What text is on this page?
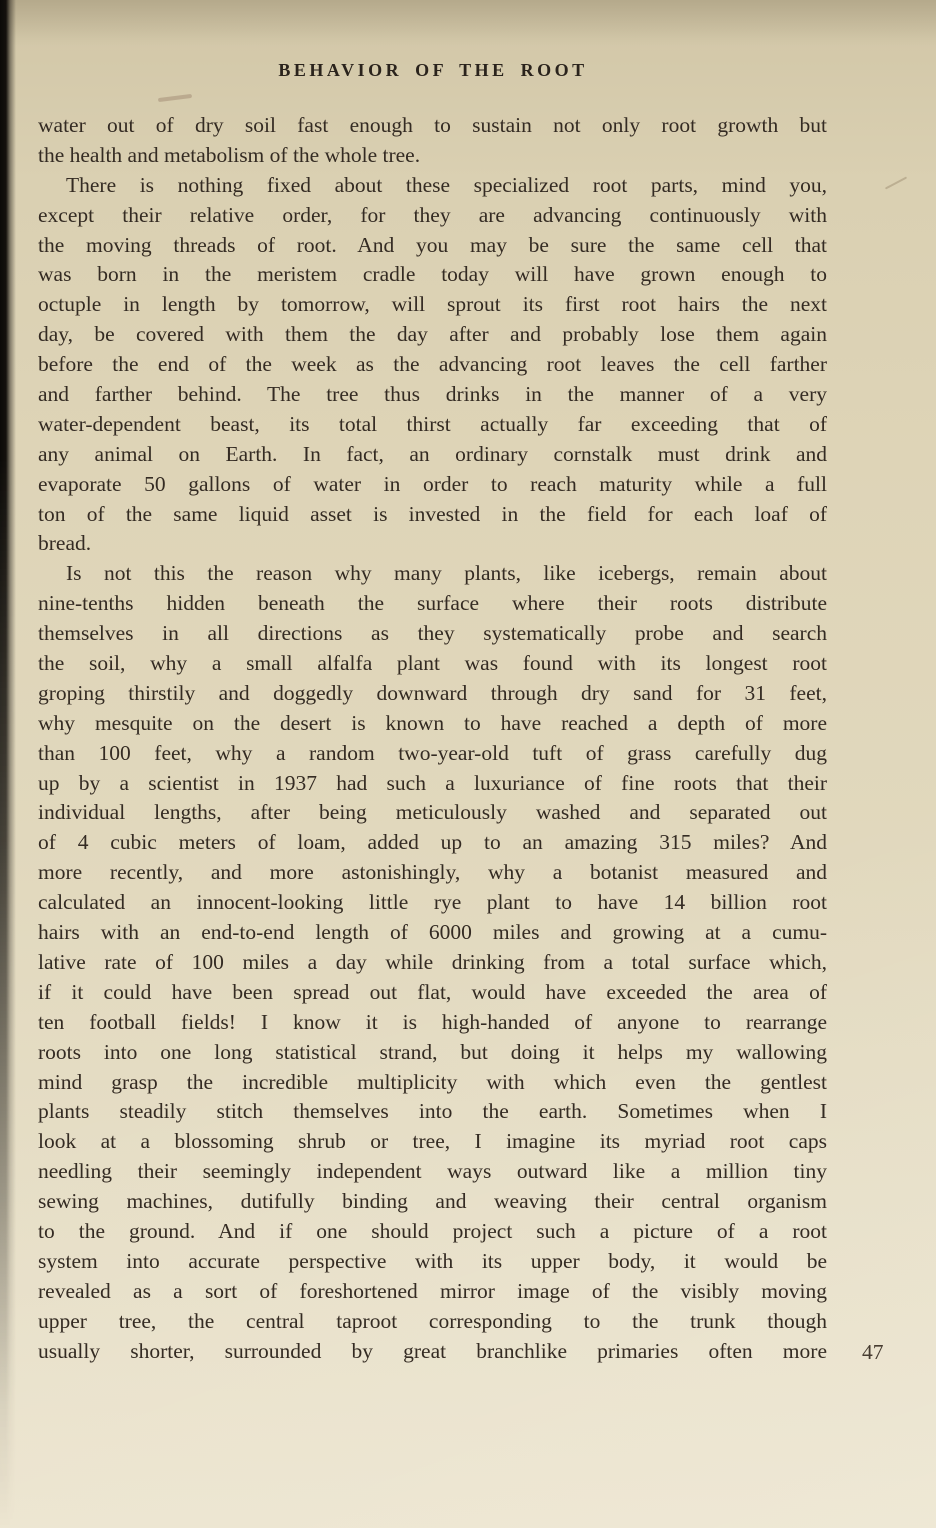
BEHAVIOR OF THE ROOT
water out of dry soil fast enough to sustain not only root growth but
the health and metabolism of the whole tree.
There is nothing fixed about these specialized root parts, mind you,
except their relative order, for they are advancing continuously with
the moving threads of root. And you may be sure the same cell that
was born in the meristem cradle today will have grown enough to
octuple in length by tomorrow, will sprout its first root hairs the next
day, be covered with them the day after and probably lose them again
before the end of the week as the advancing root leaves the cell farther
and farther behind. The tree thus drinks in the manner of a very
water-dependent beast, its total thirst actually far exceeding that of
any animal on Earth. In fact, an ordinary cornstalk must drink and
evaporate 50 gallons of water in order to reach maturity while a full
ton of the same liquid asset is invested in the field for each loaf of
bread.
Is not this the reason why many plants, like icebergs, remain about
nine-tenths hidden beneath the surface where their roots distribute
themselves in all directions as they systematically probe and search
the soil, why a small alfalfa plant was found with its longest root
groping thirstily and doggedly downward through dry sand for 31 feet,
why mesquite on the desert is known to have reached a depth of more
than 100 feet, why a random two-year-old tuft of grass carefully dug
up by a scientist in 1937 had such a luxuriance of fine roots that their
individual lengths, after being meticulously washed and separated out
of 4 cubic meters of loam, added up to an amazing 315 miles? And
more recently, and more astonishingly, why a botanist measured and
calculated an innocent-looking little rye plant to have 14 billion root
hairs with an end-to-end length of 6000 miles and growing at a cumu-
lative rate of 100 miles a day while drinking from a total surface which,
if it could have been spread out flat, would have exceeded the area of
ten football fields! I know it is high-handed of anyone to rearrange
roots into one long statistical strand, but doing it helps my wallowing
mind grasp the incredible multiplicity with which even the gentlest
plants steadily stitch themselves into the earth. Sometimes when I
look at a blossoming shrub or tree, I imagine its myriad root caps
needling their seemingly independent ways outward like a million tiny
sewing machines, dutifully binding and weaving their central organism
to the ground. And if one should project such a picture of a root
system into accurate perspective with its upper body, it would be
revealed as a sort of foreshortened mirror image of the visibly moving
upper tree, the central taproot corresponding to the trunk though
usually shorter, surrounded by great branchlike primaries often more 47
